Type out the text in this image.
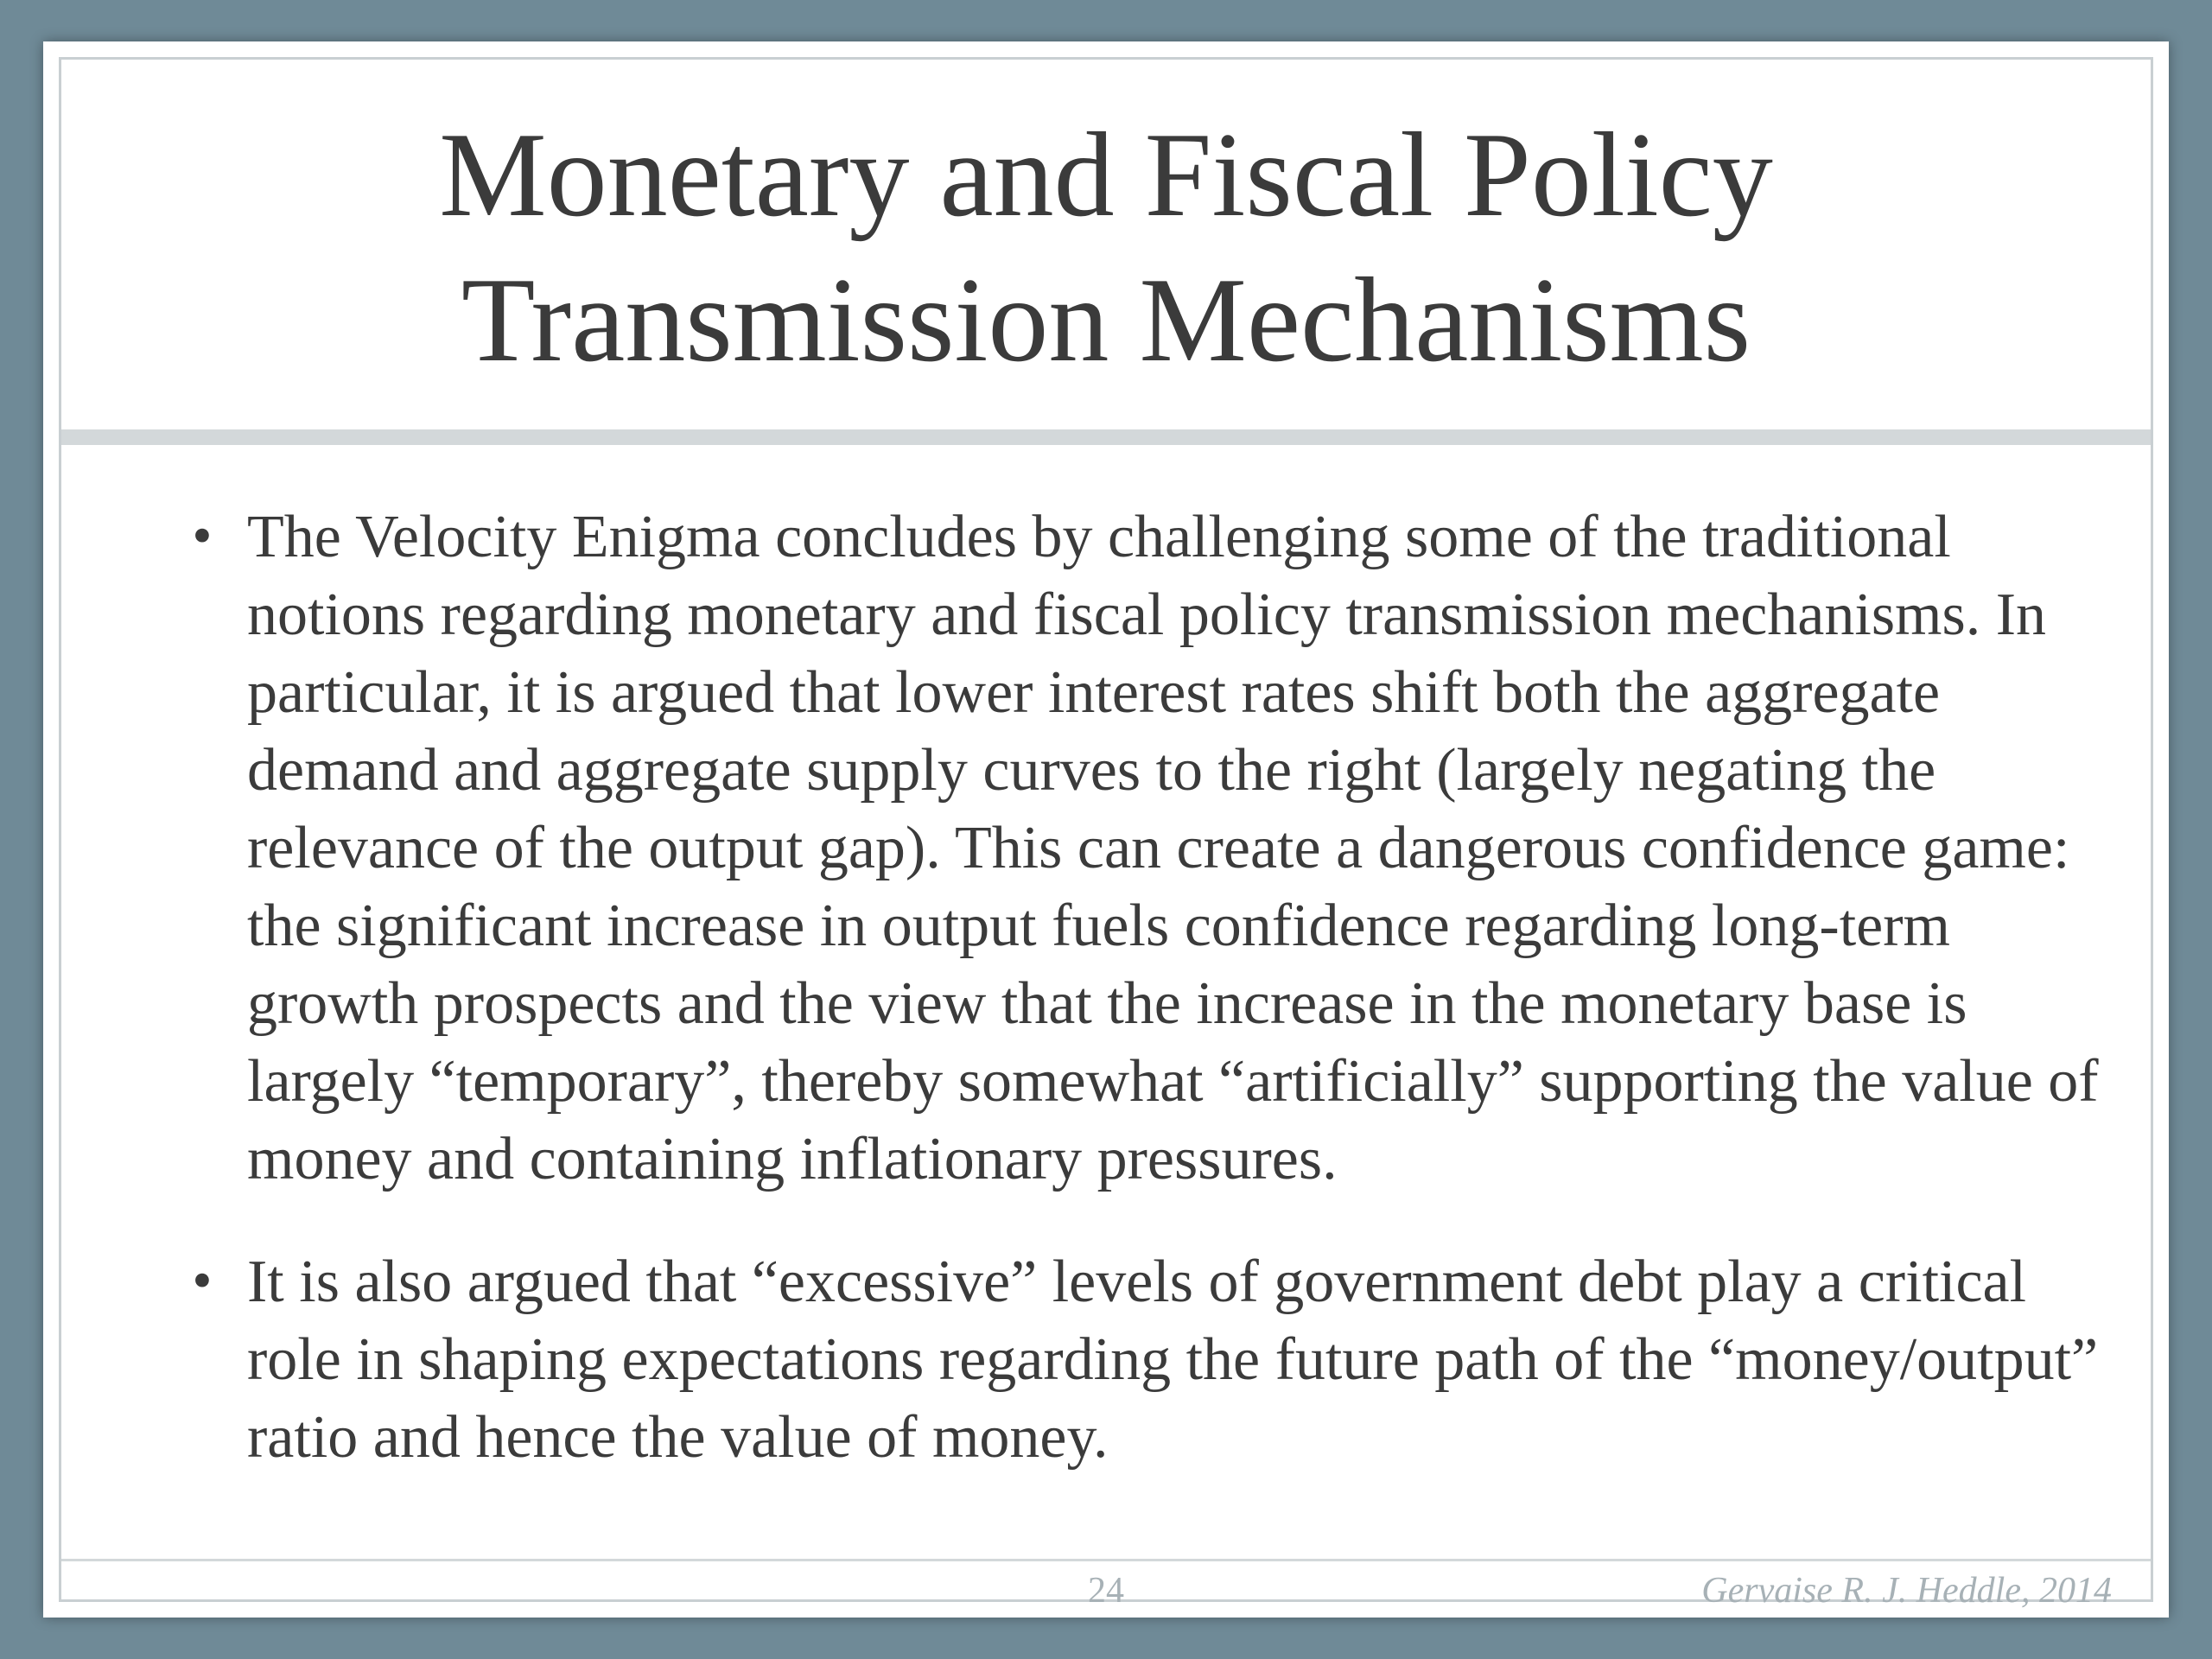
Monetary and Fiscal Policy
Transmission Mechanisms
• The Velocity Enigma concludes by challenging some of the traditional notions regarding monetary and fiscal policy transmission mechanisms. In particular, it is argued that lower interest rates shift both the aggregate demand and aggregate supply curves to the right (largely negating the relevance of the output gap). This can create a dangerous confidence game: the significant increase in output fuels confidence regarding long-term growth prospects and the view that the increase in the monetary base is largely “temporary”, thereby somewhat “artificially” supporting the value of money and containing inflationary pressures.
• It is also argued that “excessive” levels of government debt play a critical role in shaping expectations regarding the future path of the “money/output” ratio and hence the value of money.
24	Gervaise R. J. Heddle, 2014
